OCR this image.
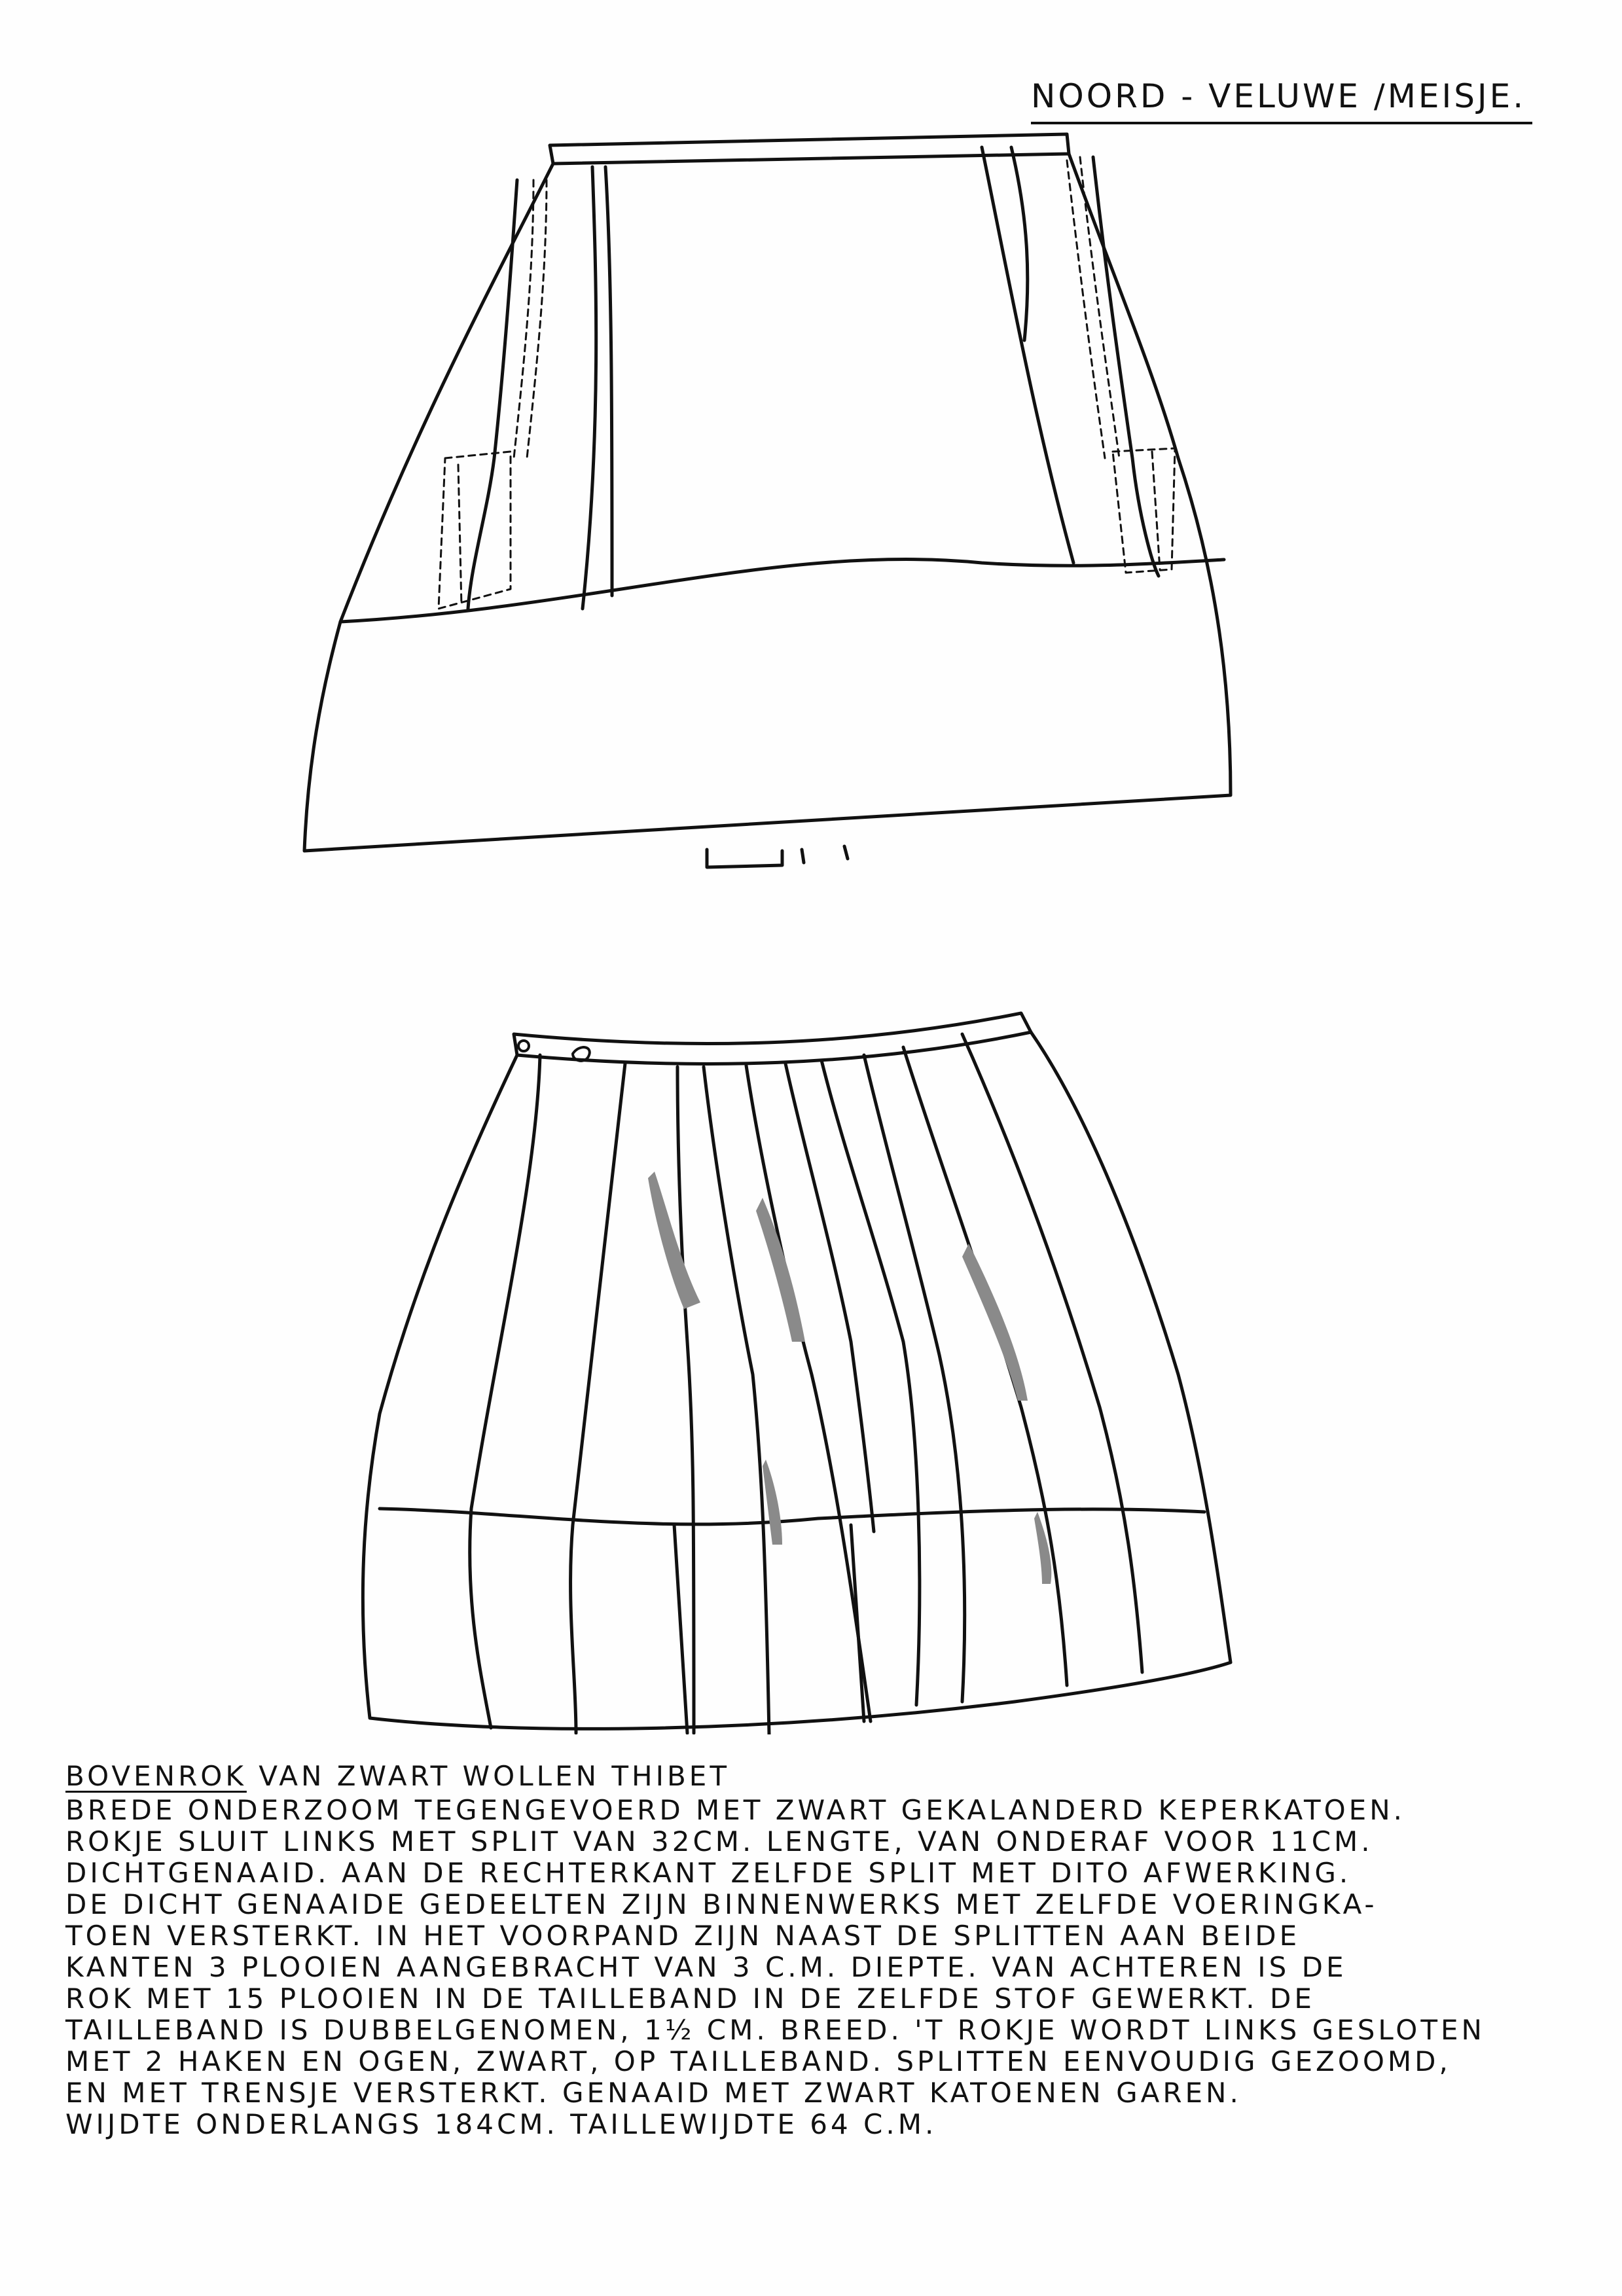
NOORD - VELUWE /MEISJE.
BOVENROK VAN ZWART WOLLEN THIBET
BREDE ONDERZOOM TEGENGEVOERD MET ZWART GEKALANDERD KEPERKATOEN.
ROKJE SLUIT LINKS MET SPLIT VAN 32CM. LENGTE, VAN ONDERAF VOOR 11CM.
DICHTGENAAID. AAN DE RECHTERKANT ZELFDE SPLIT MET DITO AFWERKING.
DE DICHT GENAAIDE GEDEELTEN ZIJN BINNENWERKS MET ZELFDE VOERINGKA-
TOEN VERSTERKT. IN HET VOORPAND ZIJN NAAST DE SPLITTEN AAN BEIDE
KANTEN 3 PLOOIEN AANGEBRACHT VAN 3 C.M. DIEPTE. VAN ACHTEREN IS DE
ROK MET 15 PLOOIEN IN DE TAILLEBAND IN DE ZELFDE STOF GEWERKT. DE
TAILLEBAND IS DUBBELGENOMEN, 1½ CM. BREED. 'T ROKJE WORDT LINKS GESLOTEN
MET 2 HAKEN EN OGEN, ZWART, OP TAILLEBAND. SPLITTEN EENVOUDIG GEZOOMD,
EN MET TRENSJE VERSTERKT. GENAAID MET ZWART KATOENEN GAREN.
WIJDTE ONDERLANGS 184CM. TAILLEWIJDTE 64 C.M.
